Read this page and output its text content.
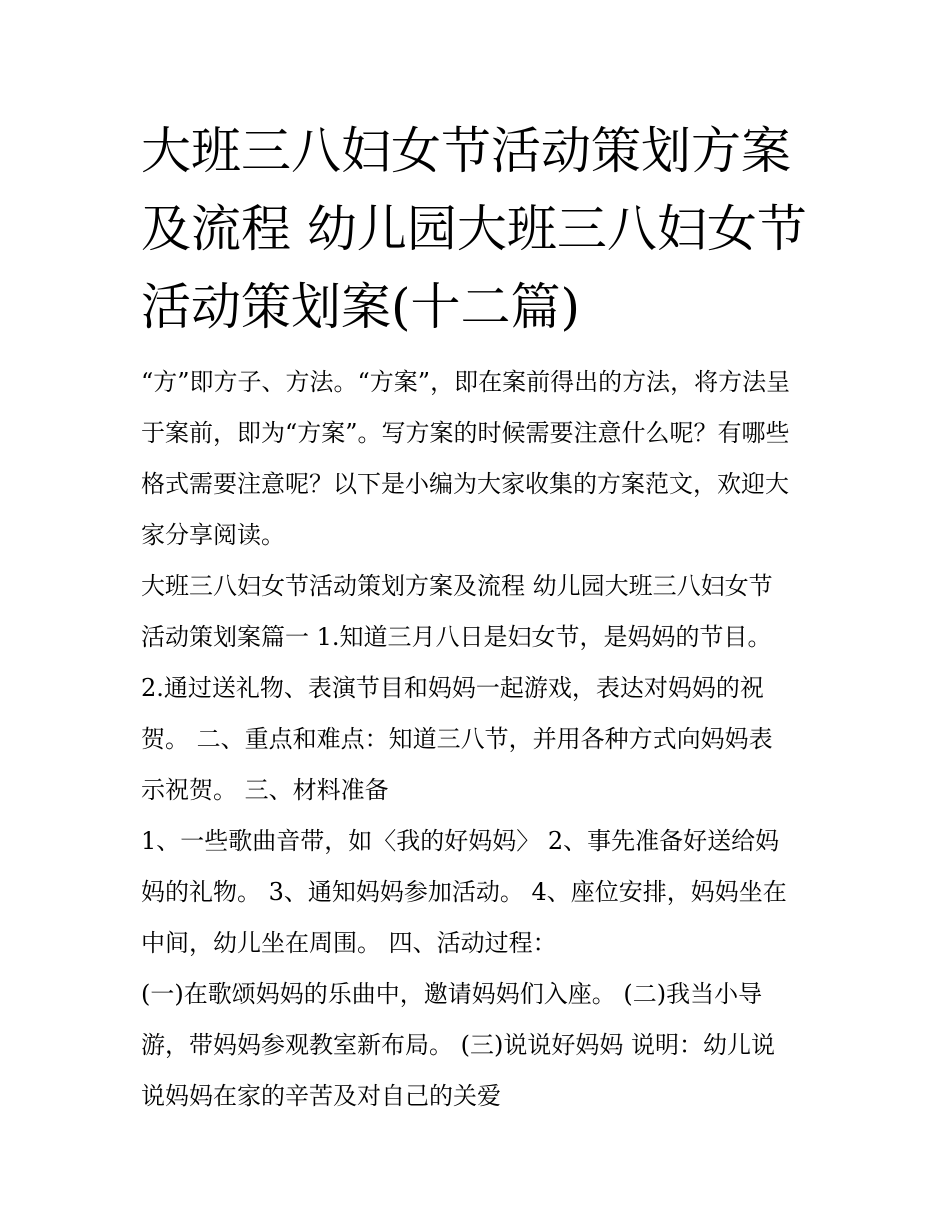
大班三八妇女节活动策划方案
及流程 幼儿园大班三八妇女节
活动策划案(十二篇)

“方”即方子、方法。“方案”，即在案前得出的方法，将方法呈
于案前，即为“方案”。写方案的时候需要注意什么呢？有哪些
格式需要注意呢？以下是小编为大家收集的方案范文，欢迎大
家分享阅读。

大班三八妇女节活动策划方案及流程 幼儿园大班三八妇女节
活动策划案篇一 1.知道三月八日是妇女节，是妈妈的节目。
2.通过送礼物、表演节目和妈妈一起游戏，表达对妈妈的祝
贺。 二、重点和难点：知道三八节，并用各种方式向妈妈表
示祝贺。 三、材料准备

1、一些歌曲音带，如〈我的好妈妈〉 2、事先准备好送给妈
妈的礼物。 3、通知妈妈参加活动。 4、座位安排，妈妈坐在
中间，幼儿坐在周围。 四、活动过程：

(一)在歌颂妈妈的乐曲中，邀请妈妈们入座。 (二)我当小导
游，带妈妈参观教室新布局。 (三)说说好妈妈 说明：幼儿说
说妈妈在家的辛苦及对自己的关爱
